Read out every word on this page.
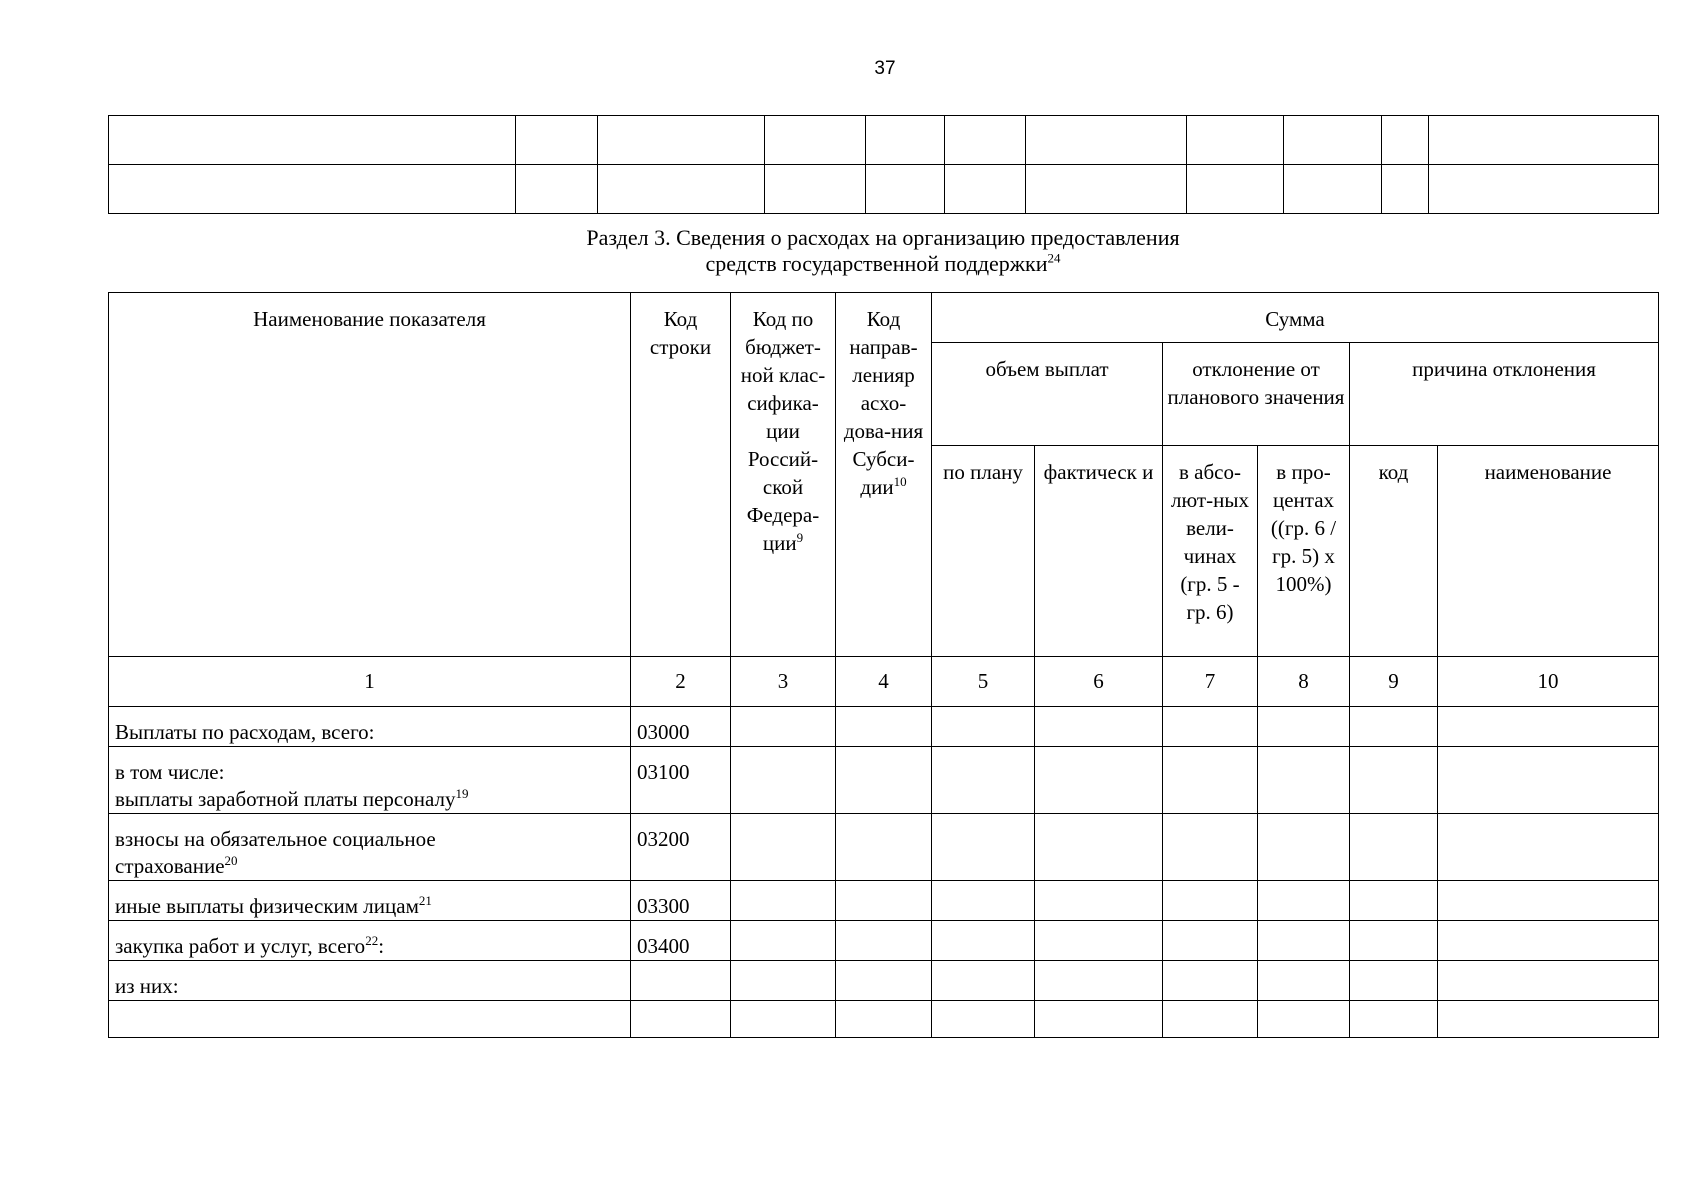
37

Раздел 3. Сведения о расходах на организацию предоставления
средств государственной поддержки$^{24}$
Наименование показателя	Код строки	Код по бюджет-ной клас-сифика-ции Россий-ской Федера-ции$^9$	Код направ-ленияр асхо-дова-ния Субси-дии$^{10}$	Сумма					
				объем выплат		отклонение от планового значения		причина отклонения	
				по плану	фактическ и	в абсо-лют-ных вели-чинах (гр. 5 - гр. 6)	в про-центах ((гр. 6 / гр. 5) х 100%)	код	наименование
1	2	3	4	5	6	7	8	9	10

Выплаты по расходам, всего:	03000								

в том числе:
выплаты заработной платы персоналу$^{19}$	03100								

взносы на обязательное социальное
страхование$^{20}$	03200								
иные выплаты физическим лицам$^{21}$	03300								
закупка работ и услуг, всего$^{22}$:	03400								

из них:									
